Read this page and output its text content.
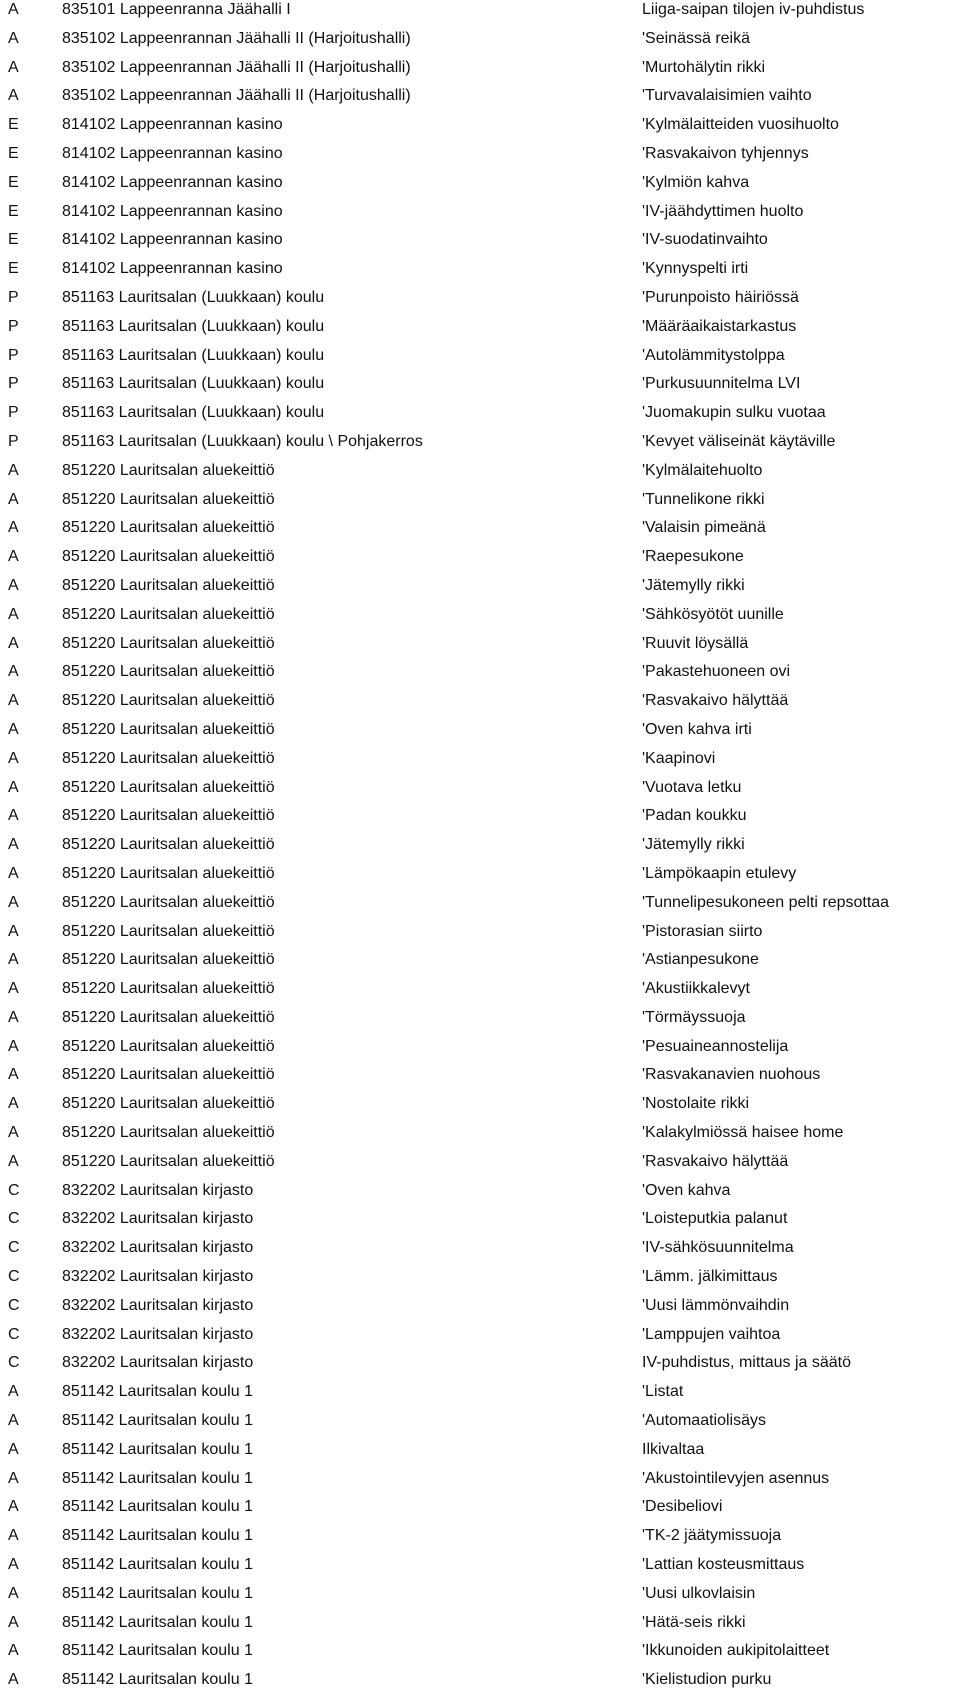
A	835101 Lappeenranna Jäähalli I	Liiga-saipan tilojen iv-puhdistus
A	835102 Lappeenrannan Jäähalli II (Harjoitushalli)	'Seinässä reikä
A	835102 Lappeenrannan Jäähalli II (Harjoitushalli)	'Murtohälytin rikki
A	835102 Lappeenrannan Jäähalli II (Harjoitushalli)	'Turvavalaisimien vaihto
E	814102 Lappeenrannan kasino	'Kylmälaitteiden vuosihuolto
E	814102 Lappeenrannan kasino	'Rasvakaivon tyhjennys
E	814102 Lappeenrannan kasino	'Kylmiön kahva
E	814102 Lappeenrannan kasino	'IV-jäähdyttimen huolto
E	814102 Lappeenrannan kasino	'IV-suodatinvaihto
E	814102 Lappeenrannan kasino	'Kynnyspelti irti
P	851163 Lauritsalan (Luukkaan) koulu	'Purunpoisto häiriössä
P	851163 Lauritsalan (Luukkaan) koulu	'Määräaikaistarkastus
P	851163 Lauritsalan (Luukkaan) koulu	'Autolämmitystolppa
P	851163 Lauritsalan (Luukkaan) koulu	'Purkusuunnitelma LVI
P	851163 Lauritsalan (Luukkaan) koulu	'Juomakupin sulku vuotaa
P	851163 Lauritsalan (Luukkaan) koulu \ Pohjakerros	'Kevyet väliseinät käytäville
A	851220 Lauritsalan aluekeittiö	'Kylmälaitehuolto
A	851220 Lauritsalan aluekeittiö	'Tunnelikone rikki
A	851220 Lauritsalan aluekeittiö	'Valaisin pimeänä
A	851220 Lauritsalan aluekeittiö	'Raepesukone
A	851220 Lauritsalan aluekeittiö	'Jätemylly rikki
A	851220 Lauritsalan aluekeittiö	'Sähkösyötöt uunille
A	851220 Lauritsalan aluekeittiö	'Ruuvit löysällä
A	851220 Lauritsalan aluekeittiö	'Pakastehuoneen ovi
A	851220 Lauritsalan aluekeittiö	'Rasvakaivo hälyttää
A	851220 Lauritsalan aluekeittiö	'Oven kahva irti
A	851220 Lauritsalan aluekeittiö	'Kaapinovi
A	851220 Lauritsalan aluekeittiö	'Vuotava letku
A	851220 Lauritsalan aluekeittiö	'Padan koukku
A	851220 Lauritsalan aluekeittiö	'Jätemylly rikki
A	851220 Lauritsalan aluekeittiö	'Lämpökaapin etulevy
A	851220 Lauritsalan aluekeittiö	'Tunnelipesukoneen pelti repsottaa
A	851220 Lauritsalan aluekeittiö	'Pistorasian siirto
A	851220 Lauritsalan aluekeittiö	'Astianpesukone
A	851220 Lauritsalan aluekeittiö	'Akustiikkalevyt
A	851220 Lauritsalan aluekeittiö	'Törmäyssuoja
A	851220 Lauritsalan aluekeittiö	'Pesuaineannostelija
A	851220 Lauritsalan aluekeittiö	'Rasvakanavien nuohous
A	851220 Lauritsalan aluekeittiö	'Nostolaite rikki
A	851220 Lauritsalan aluekeittiö	'Kalakylmiössä haisee home
A	851220 Lauritsalan aluekeittiö	'Rasvakaivo hälyttää
C	832202 Lauritsalan kirjasto	'Oven kahva
C	832202 Lauritsalan kirjasto	'Loisteputkia palanut
C	832202 Lauritsalan kirjasto	'IV-sähkösuunnitelma
C	832202 Lauritsalan kirjasto	'Lämm. jälkimittaus
C	832202 Lauritsalan kirjasto	'Uusi lämmönvaihdin
C	832202 Lauritsalan kirjasto	'Lamppujen vaihtoa
C	832202 Lauritsalan kirjasto	IV-puhdistus, mittaus ja säätö
A	851142 Lauritsalan koulu 1	'Listat
A	851142 Lauritsalan koulu 1	'Automaatiolisäys
A	851142 Lauritsalan koulu 1	Ilkivaltaa
A	851142 Lauritsalan koulu 1	'Akustointilevyjen asennus
A	851142 Lauritsalan koulu 1	'Desibeliovi
A	851142 Lauritsalan koulu 1	'TK-2 jäätymissuoja
A	851142 Lauritsalan koulu 1	'Lattian kosteusmittaus
A	851142 Lauritsalan koulu 1	'Uusi ulkovlaisin
A	851142 Lauritsalan koulu 1	'Hätä-seis rikki
A	851142 Lauritsalan koulu 1	'Ikkunoiden aukipitolaitteet
A	851142 Lauritsalan koulu 1	'Kielistudion purku
